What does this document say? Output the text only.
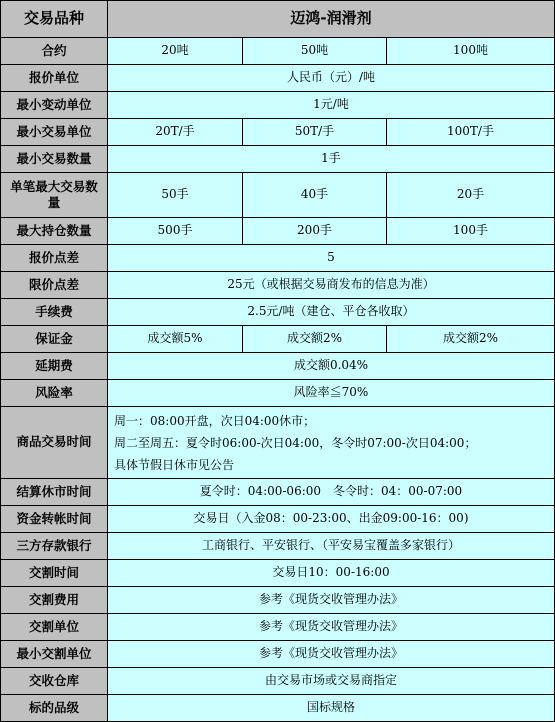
交易品种	迈鸿-润滑剂		
合约	20吨	50吨	100吨
报价单位	人民币（元）/吨		
最小变动单位	1元/吨		
最小交易单位	20T/手	50T/手	100T/手
最小交易数量	1手		
单笔最大交易数量	50手	40手	20手
最大持仓数量	500手	200手	100手
报价点差	5		
限价点差	25元（或根据交易商发布的信息为准）		
手续费	2.5元/吨（建仓、平仓各收取）		
保证金	成交额5%	成交额2%	成交额2%
延期费	成交额0.04%		
风险率	风险率≦70%		
商品交易时间	周一：08:00开盘，次日04:00休市；
周二至周五：夏令时06:00-次日04:00，冬令时07:00-次日04:00；
具体节假日休市见公告		

结算休市时间	夏令时：04:00-06:00　冬令时：04：00-07:00		
资金转帐时间	交易日（入金08：00-23:00、出金09:00-16：00)		
三方存款银行	工商银行、平安银行、（平安易宝覆盖多家银行）		
交割时间	交易日10：00-16:00		
交割费用	参考《现货交收管理办法》		
交割单位	参考《现货交收管理办法》		
最小交割单位	参考《现货交收管理办法》		
交收仓库	由交易市场或交易商指定		
标的品级	国标规格		
